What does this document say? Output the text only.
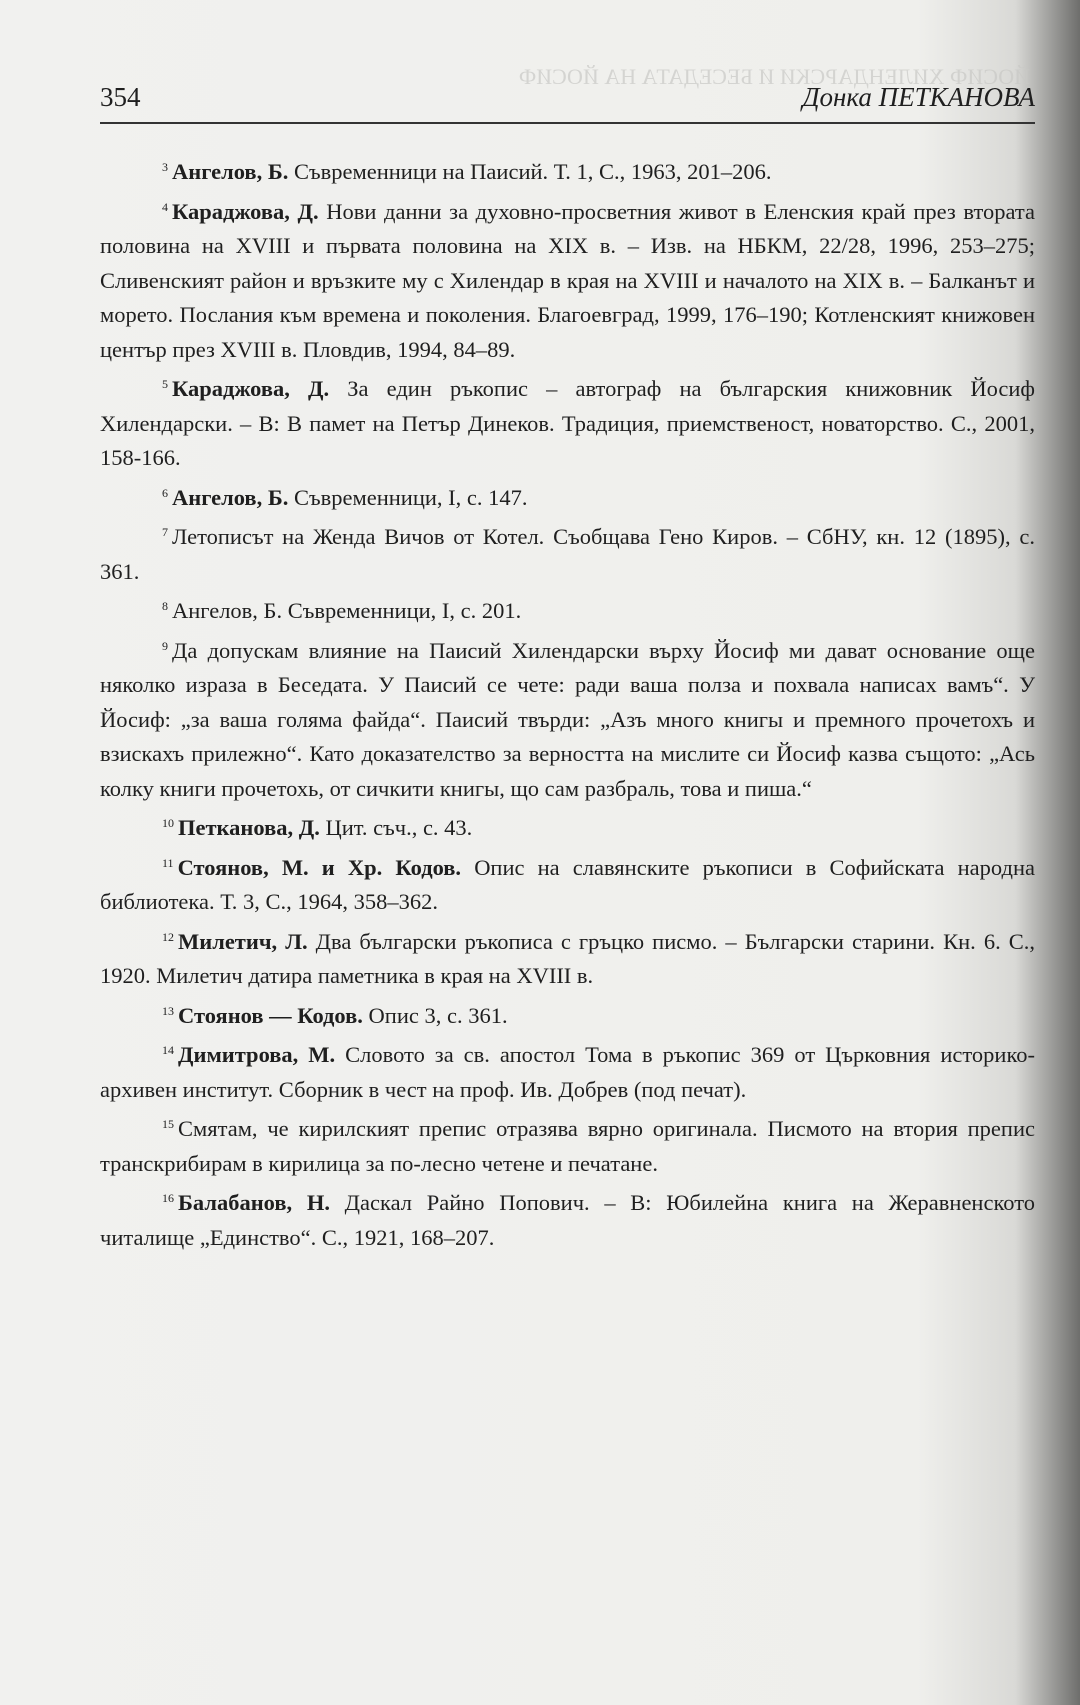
ЙОСИФ ХИЛЕНДАРСКИ И БЕСЕДАТА НА ЙОСИФ
354	Донка ПЕТКАНОВА

$^3$ Ангелов, Б. Съвременници на Паисий. Т. 1, С., 1963, 201–206.

$^4$ Караджова, Д. Нови данни за духовно-просветния живот в Еленския край през втората половина на XVIII и първата половина на XIX в. – Изв. на НБКМ, 22/28, 1996, 253–275; Сливенският район и връзките му с Хилендар в края на XVIII и началото на XIX в. – Балканът и морето. Послания към времена и поколения. Благоевград, 1999, 176–190; Котленският книжовен център през XVIII в. Пловдив, 1994, 84–89.

$^5$ Караджова, Д. За един ръкопис – автограф на българския книжовник Йосиф Хилендарски. – В: В памет на Петър Динеков. Традиция, приемственост, новаторство. С., 2001, 158-166.

$^6$ Ангелов, Б. Съвременници, I, с. 147.

$^7$ Летописът на Женда Вичов от Котел. Съобщава Гено Киров. – СбНУ, кн. 12 (1895), с. 361.

$^8$ Ангелов, Б. Съвременници, I, с. 201.

$^9$ Да допускам влияние на Паисий Хилендарски върху Йосиф ми дават основание още няколко израза в Беседата. У Паисий се чете: ради ваша полза и похвала написах вамъ“. У Йосиф: „за ваша голяма файда“. Паисий твърди: „Азъ много книгы и премного прочетохъ и взискахъ прилежно“. Като доказателство за верността на мислите си Йосиф казва същото: „Ась колку книги прочетохь, от сичкити книгы, що сам разбраль, това и пиша.“

$^{10}$ Петканова, Д. Цит. съч., с. 43.

$^{11}$ Стоянов, М. и Хр. Кодов. Опис на славянските ръкописи в Софийската народна библиотека. Т. 3, С., 1964, 358–362.

$^{12}$ Милетич, Л. Два български ръкописа с гръцко писмо. – Български старини. Кн. 6. С., 1920. Милетич датира паметника в края на XVIII в.

$^{13}$ Стоянов — Кодов. Опис 3, с. 361.

$^{14}$ Димитрова, М. Словото за св. апостол Тома в ръкопис 369 от Църковния историко-архивен институт. Сборник в чест на проф. Ив. Добрев (под печат).

$^{15}$ Смятам, че кирилският препис отразява вярно оригинала. Писмото на втория препис транскрибирам в кирилица за по-лесно четене и печатане.

$^{16}$ Балабанов, Н. Даскал Райно Попович. – В: Юбилейна книга на Жеравненското читалище „Единство“. С., 1921, 168–207.
